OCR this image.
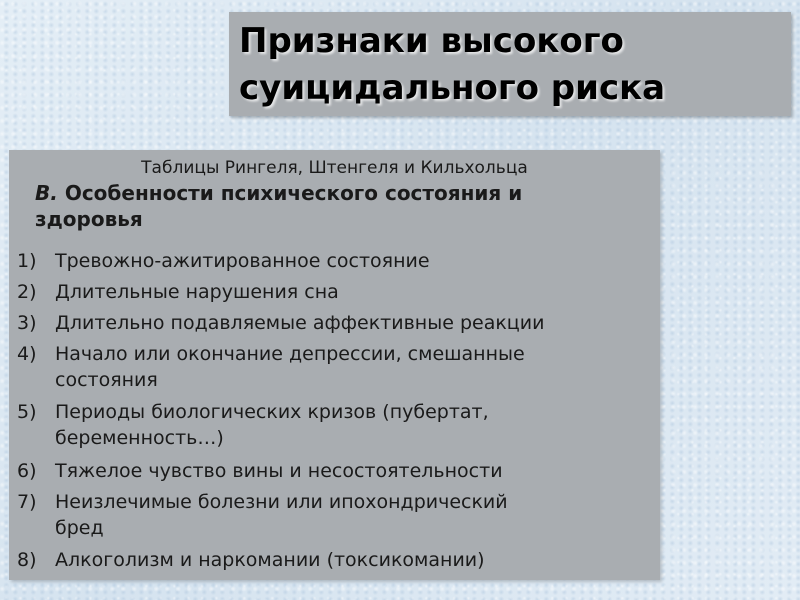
Признаки высокого
суицидального риска
Таблицы Рингеля, Штенгеля и Кильхольца
В. Особенности психического состояния и
здоровья
1) Тревожно-ажитированное состояние
2) Длительные нарушения сна
3) Длительно подавляемые аффективные реакции
4) Начало или окончание депрессии, смешанные
состояния
5) Периоды биологических кризов (пубертат,
беременность…)
6) Тяжелое чувство вины и несостоятельности
7) Неизлечимые болезни или ипохондрический
бред
8) Алкоголизм и наркомании (токсикомании)
